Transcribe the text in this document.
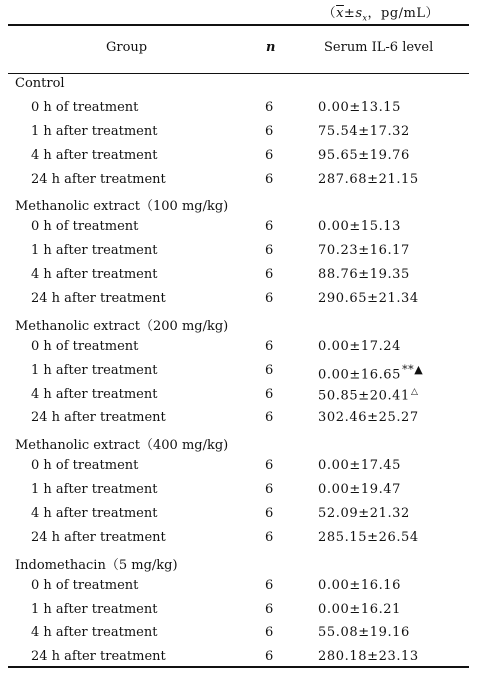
（$\overline{x}\pm s_x$，pg/mL）
Group	n	Serum IL-6 level
Control
0 h of treatment	6	0.00±13.15
1 h after treatment	6	75.54±17.32
4 h after treatment	6	95.65±19.76
24 h after treatment	6	287.68±21.15
Methanolic extract（100 mg/kg)
0 h of treatment	6	0.00±15.13
1 h after treatment	6	70.23±16.17
4 h after treatment	6	88.76±19.35
24 h after treatment	6	290.65±21.34
Methanolic extract（200 mg/kg)
0 h of treatment	6	0.00±17.24
1 h after treatment	6	0.00±16.65**▲
4 h after treatment	6	50.85±20.41△
24 h after treatment	6	302.46±25.27
Methanolic extract（400 mg/kg)
0 h of treatment	6	0.00±17.45
1 h after treatment	6	0.00±19.47
4 h after treatment	6	52.09±21.32
24 h after treatment	6	285.15±26.54
Indomethacin（5 mg/kg)
0 h of treatment	6	0.00±16.16
1 h after treatment	6	0.00±16.21
4 h after treatment	6	55.08±19.16
24 h after treatment	6	280.18±23.13
